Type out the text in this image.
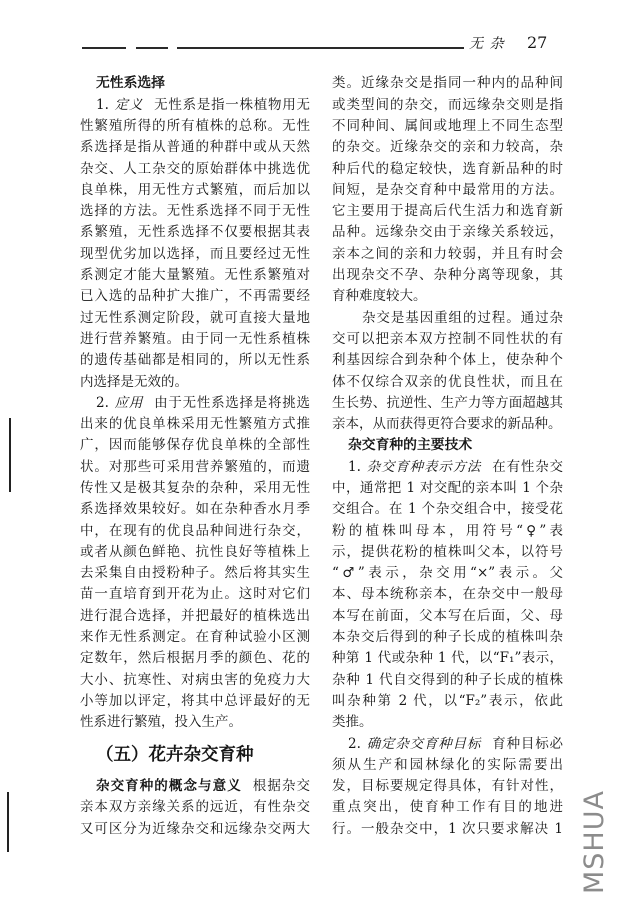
无 杂 27
无性系选择
1. 定义 无性系是指一株植物用无
性繁殖所得的所有植株的总称。无性
系选择是指从普通的种群中或从天然
杂交、人工杂交的原始群体中挑选优
良单株，用无性方式繁殖，而后加以
选择的方法。无性系选择不同于无性
系繁殖，无性系选择不仅要根据其表
现型优劣加以选择，而且要经过无性
系测定才能大量繁殖。无性系繁殖对
已入选的品种扩大推广，不再需要经
过无性系测定阶段，就可直接大量地
进行营养繁殖。由于同一无性系植株
的遗传基础都是相同的，所以无性系
内选择是无效的。
2. 应用 由于无性系选择是将挑选
出来的优良单株采用无性繁殖方式推
广，因而能够保存优良单株的全部性
状。对那些可采用营养繁殖的，而遗
传性又是极其复杂的杂种，采用无性
系选择效果较好。如在杂种香水月季
中，在现有的优良品种间进行杂交，
或者从颜色鲜艳、抗性良好等植株上
去采集自由授粉种子。然后将其实生
苗一直培育到开花为止。这时对它们
进行混合选择，并把最好的植株选出
来作无性系测定。在育种试验小区测
定数年，然后根据月季的颜色、花的
大小、抗寒性、对病虫害的免疫力大
小等加以评定，将其中总评最好的无
性系进行繁殖，投入生产。
（五）花卉杂交育种
杂交育种的概念与意义 根据杂交
亲本双方亲缘关系的远近，有性杂交
又可区分为近缘杂交和远缘杂交两大
类。近缘杂交是指同一种内的品种间
或类型间的杂交，而远缘杂交则是指
不同种间、属间或地理上不同生态型
的杂交。近缘杂交的亲和力较高，杂
种后代的稳定较快，选育新品种的时
间短，是杂交育种中最常用的方法。
它主要用于提高后代生活力和选育新
品种。远缘杂交由于亲缘关系较远，
亲本之间的亲和力较弱，并且有时会
出现杂交不孕、杂种分离等现象，其
育种难度较大。
杂交是基因重组的过程。通过杂
交可以把亲本双方控制不同性状的有
利基因综合到杂种个体上，使杂种个
体不仅综合双亲的优良性状，而且在
生长势、抗逆性、生产力等方面超越其
亲本，从而获得更符合要求的新品种。
杂交育种的主要技术
1. 杂交育种表示方法 在有性杂交
中，通常把 1 对交配的亲本叫 1 个杂
交组合。在 1 个杂交组合中，接受花
粉的植株叫母本，用符号“♀”表
示，提供花粉的植株叫父本，以符号
“♂”表示，杂交用“×”表示。父
本、母本统称亲本，在杂交中一般母
本写在前面，父本写在后面，父、母
本杂交后得到的种子长成的植株叫杂
种第 1 代或杂种 1 代，以“F₁”表示，
杂种 1 代自交得到的种子长成的植株
叫杂种第 2 代，以“F₂”表示，依此
类推。
2. 确定杂交育种目标 育种目标必
须从生产和园林绿化的实际需要出
发，目标要规定得具体，有针对性，
重点突出，使育种工作有目的地进
行。一般杂交中，1 次只要求解决 1 MSHUA
